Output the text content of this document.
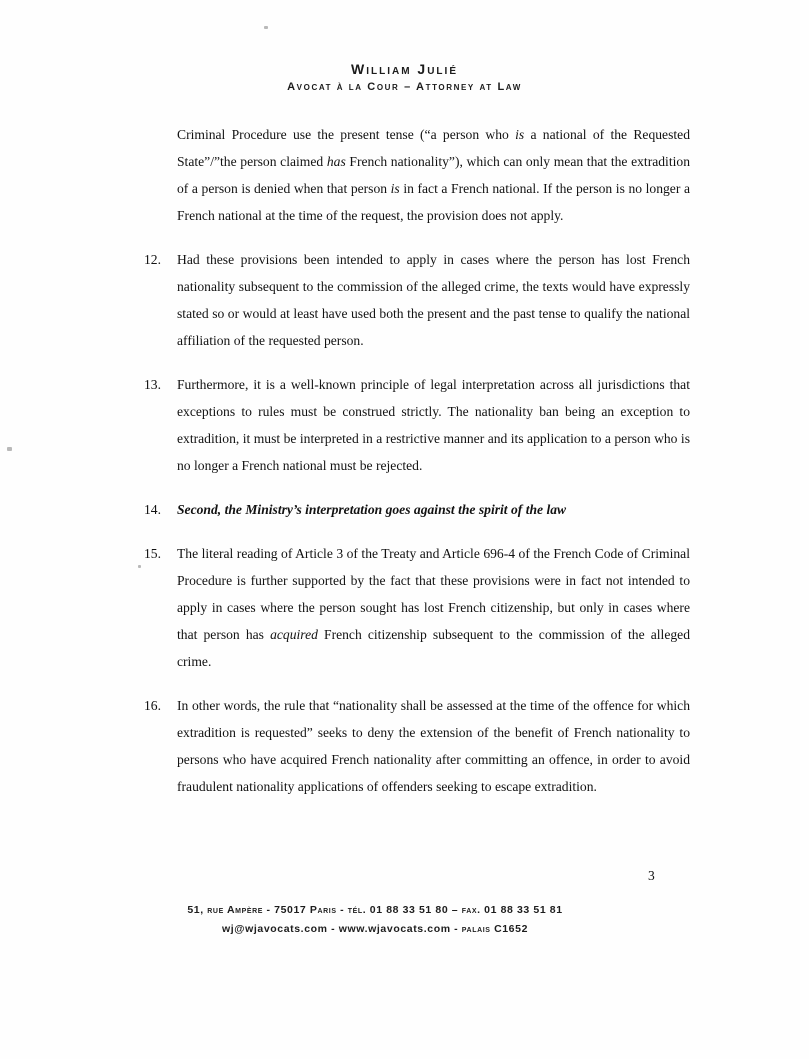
William Julié
Avocat à la Cour – Attorney at Law

Criminal Procedure use the present tense (“a person who is a national of the Requested State”/”the person claimed has French nationality”), which can only mean that the extradition of a person is denied when that person is in fact a French national. If the person is no longer a French national at the time of the request, the provision does not apply.

12. Had these provisions been intended to apply in cases where the person has lost French nationality subsequent to the commission of the alleged crime, the texts would have expressly stated so or would at least have used both the present and the past tense to qualify the national affiliation of the requested person.

13. Furthermore, it is a well-known principle of legal interpretation across all jurisdictions that exceptions to rules must be construed strictly. The nationality ban being an exception to extradition, it must be interpreted in a restrictive manner and its application to a person who is no longer a French national must be rejected.

14. Second, the Ministry’s interpretation goes against the spirit of the law

15. The literal reading of Article 3 of the Treaty and Article 696-4 of the French Code of Criminal Procedure is further supported by the fact that these provisions were in fact not intended to apply in cases where the person sought has lost French citizenship, but only in cases where that person has acquired French citizenship subsequent to the commission of the alleged crime.

16. In other words, the rule that “nationality shall be assessed at the time of the offence for which extradition is requested” seeks to deny the extension of the benefit of French nationality to persons who have acquired French nationality after committing an offence, in order to avoid fraudulent nationality applications of offenders seeking to escape extradition.

3
51, rue Ampère - 75017 Paris - tél. 01 88 33 51 80 – fax. 01 88 33 51 81
wj@wjavocats.com - www.wjavocats.com - palais C1652
